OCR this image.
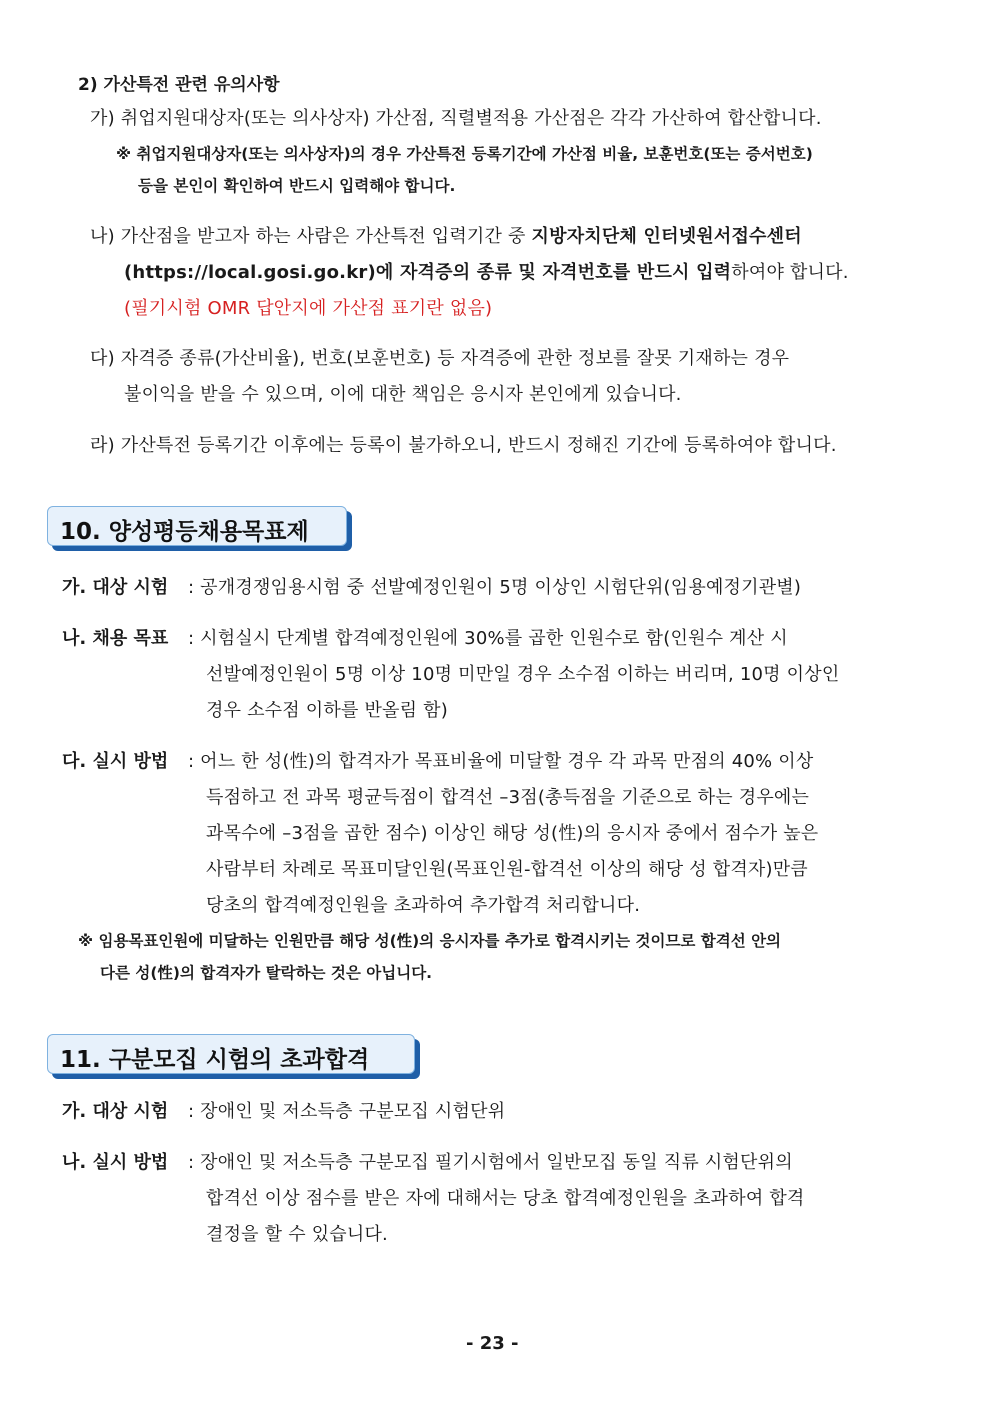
2) 가산특전 관련 유의사항
가) 취업지원대상자(또는 의사상자) 가산점, 직렬별적용 가산점은 각각 가산하여 합산합니다.
※ 취업지원대상자(또는 의사상자)의 경우 가산특전 등록기간에 가산점 비율, 보훈번호(또는 증서번호)
등을 본인이 확인하여 반드시 입력해야 합니다.
나) 가산점을 받고자 하는 사람은 가산특전 입력기간 중 지방자치단체 인터넷원서접수센터
(https://local.gosi.go.kr)에 자격증의 종류 및 자격번호를 반드시 입력하여야 합니다.
(필기시험 OMR 답안지에 가산점 표기란 없음)
다) 자격증 종류(가산비율), 번호(보훈번호) 등 자격증에 관한 정보를 잘못 기재하는 경우
불이익을 받을 수 있으며, 이에 대한 책임은 응시자 본인에게 있습니다.
라) 가산특전 등록기간 이후에는 등록이 불가하오니, 반드시 정해진 기간에 등록하여야 합니다.
10. 양성평등채용목표제
가. 대상 시험 : 공개경쟁임용시험 중 선발예정인원이 5명 이상인 시험단위(임용예정기관별)
나. 채용 목표 : 시험실시 단계별 합격예정인원에 30%를 곱한 인원수로 함(인원수 계산 시
선발예정인원이 5명 이상 10명 미만일 경우 소수점 이하는 버리며, 10명 이상인
경우 소수점 이하를 반올림 함)
다. 실시 방법 : 어느 한 성(性)의 합격자가 목표비율에 미달할 경우 각 과목 만점의 40% 이상
득점하고 전 과목 평균득점이 합격선 –3점(총득점을 기준으로 하는 경우에는
과목수에 –3점을 곱한 점수) 이상인 해당 성(性)의 응시자 중에서 점수가 높은
사람부터 차례로 목표미달인원(목표인원-합격선 이상의 해당 성 합격자)만큼
당초의 합격예정인원을 초과하여 추가합격 처리합니다.
※ 임용목표인원에 미달하는 인원만큼 해당 성(性)의 응시자를 추가로 합격시키는 것이므로 합격선 안의
다른 성(性)의 합격자가 탈락하는 것은 아닙니다.
11. 구분모집 시험의 초과합격
가. 대상 시험 : 장애인 및 저소득층 구분모집 시험단위
나. 실시 방법 : 장애인 및 저소득층 구분모집 필기시험에서 일반모집 동일 직류 시험단위의
합격선 이상 점수를 받은 자에 대해서는 당초 합격예정인원을 초과하여 합격
결정을 할 수 있습니다.
- 23 -
